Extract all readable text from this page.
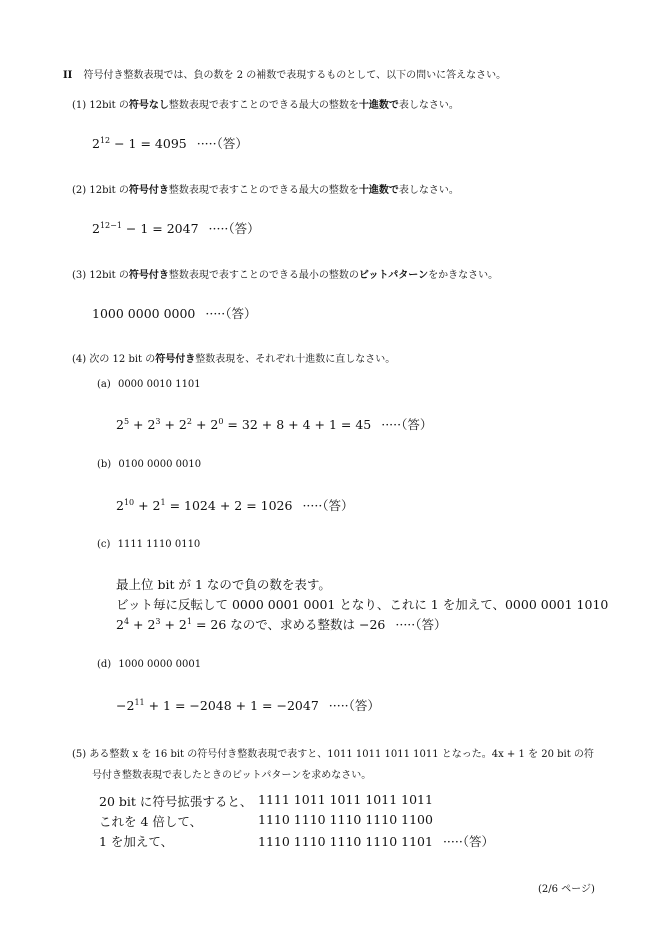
II 符号付き整数表現では、負の数を 2 の補数で表現するものとして、以下の問いに答えなさい。
(1) 12bit の符号なし整数表現で表すことのできる最大の整数を十進数で表しなさい。
$2^{12} - 1 = 4095$ ·····（答）
(2) 12bit の符号付き整数表現で表すことのできる最大の整数を十進数で表しなさい。
$2^{12-1} - 1 = 2047$ ·····（答）
(3) 12bit の符号付き整数表現で表すことのできる最小の整数のビットパターンをかきなさい。
1000 0000 0000 ·····（答）
(4) 次の 12 bit の符号付き整数表現を、それぞれ十進数に直しなさい。
(a) 0000 0010 1101
$2^5 + 2^3 + 2^2 + 2^0 = 32 + 8 + 4 + 1 = 45$ ·····（答）
(b) 0100 0000 0010
$2^{10} + 2^1 = 1024 + 2 = 1026$ ·····（答）
(c) 1111 1110 0110
最上位 bit が 1 なので負の数を表す。
ビット毎に反転して 0000 0001 0001 となり、これに 1 を加えて、0000 0001 1010
$2^4 + 2^3 + 2^1 = 26$ なので、求める整数は −26 ·····（答）
(d) 1000 0000 0001
$-2^{11} + 1 = -2048 + 1 = -2047$ ·····（答）
(5) ある整数 x を 16 bit の符号付き整数表現で表すと、1011 1011 1011 1011 となった。4x + 1 を 20 bit の符
号付き整数表現で表したときのビットパターンを求めなさい。
20 bit に符号拡張すると、 1111 1011 1011 1011 1011
これを 4 倍して、	1110 1110 1110 1110 1100
1 を加えて、	1110 1110 1110 1110 1101 ·····（答）
(2/6 ページ)
